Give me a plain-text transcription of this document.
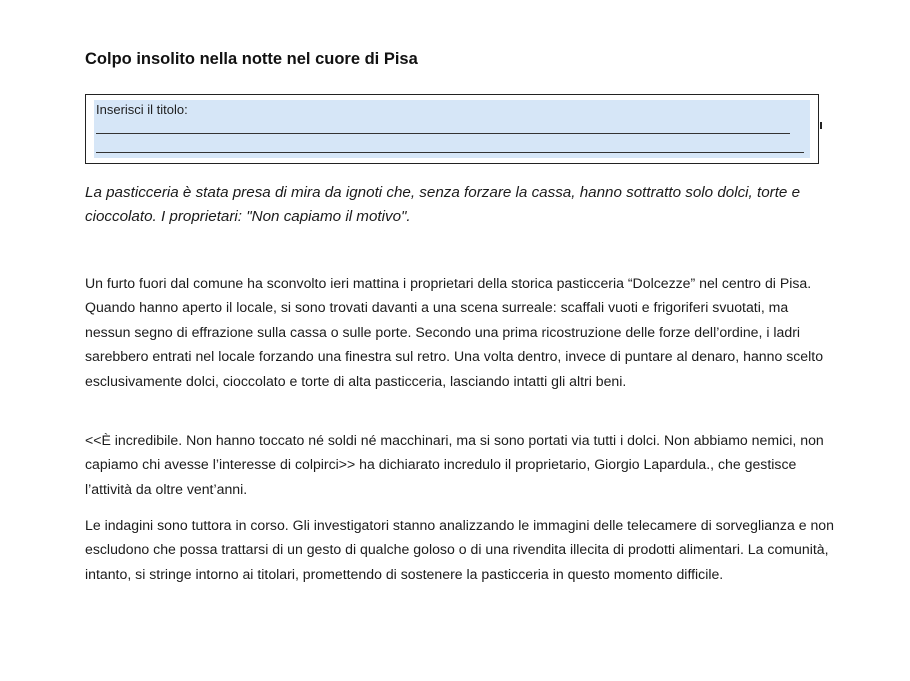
Colpo insolito nella notte nel cuore di Pisa
Inserisci il titolo:

La pasticceria è stata presa di mira da ignoti che, senza forzare la cassa, hanno sottratto solo dolci, torte e cioccolato. I proprietari: "Non capiamo il motivo".

Un furto fuori dal comune ha sconvolto ieri mattina i proprietari della storica pasticceria “Dolcezze” nel centro di Pisa. Quando hanno aperto il locale, si sono trovati davanti a una scena surreale: scaffali vuoti e frigoriferi svuotati, ma nessun segno di effrazione sulla cassa o sulle porte. Secondo una prima ricostruzione delle forze dell’ordine, i ladri sarebbero entrati nel locale forzando una finestra sul retro. Una volta dentro, invece di puntare al denaro, hanno scelto esclusivamente dolci, cioccolato e torte di alta pasticceria, lasciando intatti gli altri beni.

<<È incredibile. Non hanno toccato né soldi né macchinari, ma si sono portati via tutti i dolci. Non abbiamo nemici, non capiamo chi avesse l’interesse di colpirci>> ha dichiarato incredulo il proprietario, Giorgio Lapardula., che gestisce l’attività da oltre vent’anni.

Le indagini sono tuttora in corso. Gli investigatori stanno analizzando le immagini delle telecamere di sorveglianza e non escludono che possa trattarsi di un gesto di qualche goloso o di una rivendita illecita di prodotti alimentari. La comunità, intanto, si stringe intorno ai titolari, promettendo di sostenere la pasticceria in questo momento difficile.
